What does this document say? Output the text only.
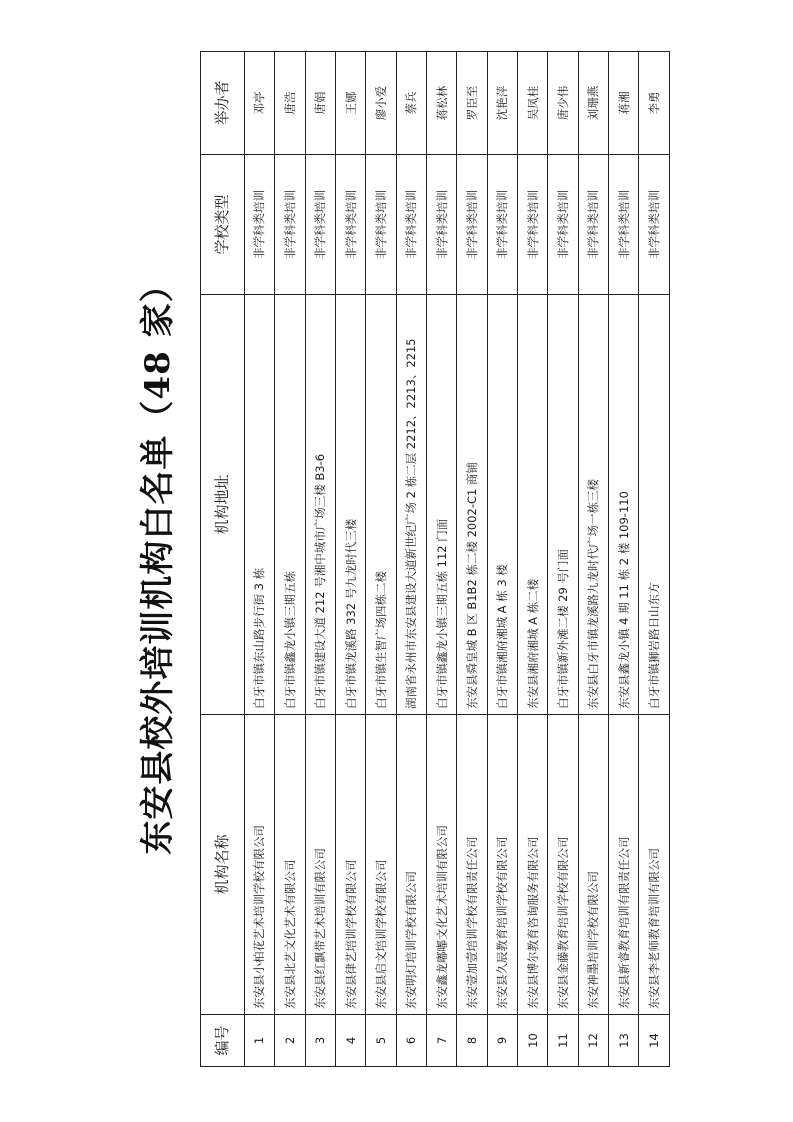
东安县校外培训机构白名单（48 家）
编号	机构名称	机构地址	学校类型	举办者
1	东安县小柏花艺术培训学校有限公司	白牙市镇东山路步行街 3 栋	非学科类培训	邓亭
2	东安县北艺文化艺术有限公司	白牙市镇鑫龙小镇三期五栋	非学科类培训	唐浩
3	东安县红飘带艺术培训有限公司	白牙市镇建设大道 212 号湘中城市广场三楼 B3-6	非学科类培训	唐娟
4	东安县律艺培训学校有限公司	白牙市镇龙溪路 332 号九龙时代三楼	非学科类培训	王娜
5	东安县启文培训学校有限公司	白牙市镇生智广场四栋二楼	非学科类培训	廖小爱
6	东安明灯培训学校有限公司	湖南省永州市东安县建设大道新世纪广场 2 栋二层 2212、2213、2215	非学科类培训	蔡兵
7	东安鑫龙嘟嘟文化艺术培训有限公司	白牙市镇鑫龙小镇三期五栋 112 门面	非学科类培训	蒋松林
8	东安壹加壹培训学校有限责任公司	东安县舜皇城 B 区 B1B2 栋二楼 2002-C1 商铺	非学科类培训	罗臣至
9	东安县久辰教育培训学校有限公司	白牙市镇湘府湘城 A 栋 3 楼	非学科类培训	沈艳萍
10	东安县博尔教育咨询服务有限公司	东安县湘府湘城 A 栋二楼	非学科类培训	吴凤桂
11	东安县金藤教育培训学校有限公司	白牙市镇新外滩二楼 29 号门面	非学科类培训	唐少伟
12	东安神墨培训学校有限公司	东安县白牙市镇龙溪路九龙时代广场一栋三楼	非学科类培训	刘珊燕
13	东安县新睿教育培训有限责任公司	东安县鑫龙小镇 4 期 11 栋 2 楼 109-110	非学科类培训	蒋湘
14	东安县李老师教育培训有限公司	白牙市镇狮岩路日山东方	非学科类培训	李勇
